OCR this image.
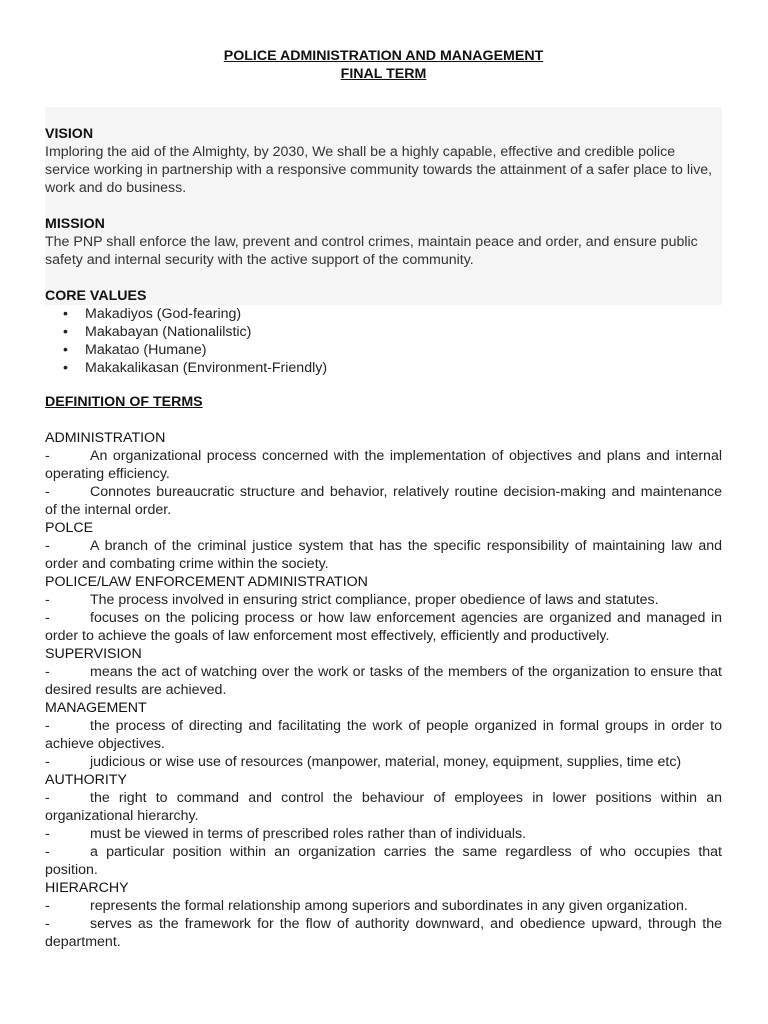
POLICE ADMINISTRATION AND MANAGEMENT
FINAL TERM
VISION
Imploring the aid of the Almighty, by 2030, We shall be a highly capable, effective and credible police service working in partnership with a responsive community towards the attainment of a safer place to live, work and do business.
MISSION
The PNP shall enforce the law, prevent and control crimes, maintain peace and order, and ensure public safety and internal security with the active support of the community.
CORE VALUES
• Makadiyos (God-fearing)
• Makabayan (Nationalilstic)
• Makatao (Humane)
• Makakalikasan (Environment-Friendly)
DEFINITION OF TERMS
ADMINISTRATION
-	An organizational process concerned with the implementation of objectives and plans and internal operating efficiency.
-	Connotes bureaucratic structure and behavior, relatively routine decision-making and maintenance of the internal order.
POLCE
-	A branch of the criminal justice system that has the specific responsibility of maintaining law and order and combating crime within the society.
POLICE/LAW ENFORCEMENT ADMINISTRATION
-	The process involved in ensuring strict compliance, proper obedience of laws and statutes.
-	focuses on the policing process or how law enforcement agencies are organized and managed in order to achieve the goals of law enforcement most effectively, efficiently and productively.
SUPERVISION
-	means the act of watching over the work or tasks of the members of the organization to ensure that desired results are achieved.
MANAGEMENT
-	the process of directing and facilitating the work of people organized in formal groups in order to achieve objectives.
-	judicious or wise use of resources (manpower, material, money, equipment, supplies, time etc)
AUTHORITY
-	the right to command and control the behaviour of employees in lower positions within an organizational hierarchy.
-	must be viewed in terms of prescribed roles rather than of individuals.
-	a particular position within an organization carries the same regardless of who occupies that position.
HIERARCHY
-	represents the formal relationship among superiors and subordinates in any given organization.
-	serves as the framework for the flow of authority downward, and obedience upward, through the department.
